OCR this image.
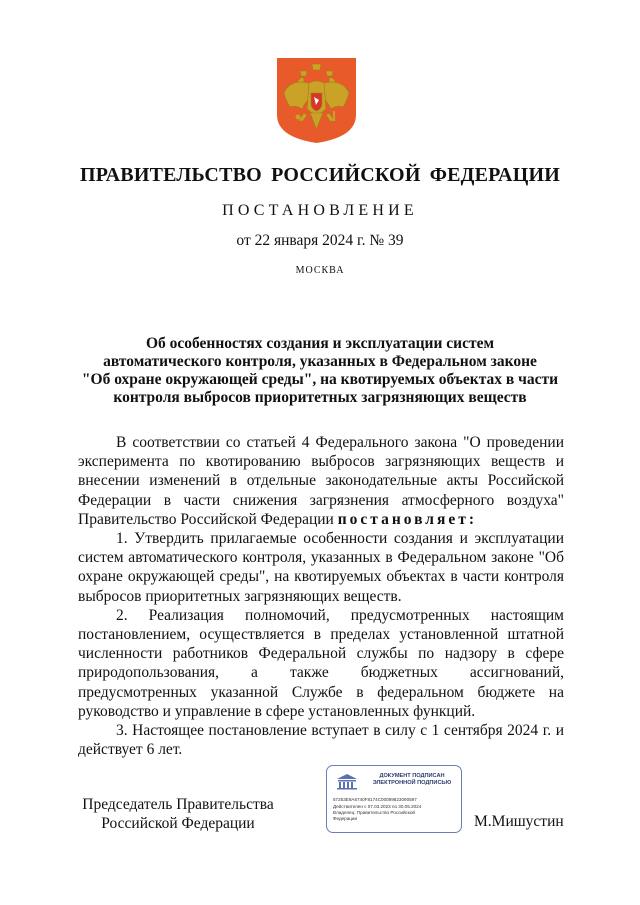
ПРАВИТЕЛЬСТВО РОССИЙСКОЙ ФЕДЕРАЦИИ
ПОСТАНОВЛЕНИЕ
от 22 января 2024 г. № 39
МОСКВА
Об особенностях создания и эксплуатации систем
автоматического контроля, указанных в Федеральном законе
"Об охране окружающей среды", на квотируемых объектах в части
контроля выбросов приоритетных загрязняющих веществ

В соответствии со статьей 4 Федерального закона "О проведении эксперимента по квотированию выбросов загрязняющих веществ и внесении изменений в отдельные законодательные акты Российской Федерации в части снижения загрязнения атмосферного воздуха" Правительство Российской Федерации постановляет:

1. Утвердить прилагаемые особенности создания и эксплуатации систем автоматического контроля, указанных в Федеральном законе "Об охране окружающей среды", на квотируемых объектах в части контроля выбросов приоритетных загрязняющих веществ.

2. Реализация полномочий, предусмотренных настоящим постановлением, осуществляется в пределах установленной штатной численности работников Федеральной службы по надзору в сфере природопользования, а также бюджетных ассигнований, предусмотренных указанной Службе в федеральном бюджете на руководство и управление в сфере установленных функций.

3. Настоящее постановление вступает в силу с 1 сентября 2024 г. и действует 6 лет.

Председатель Правительства
Российской Федерации
ДОКУМЕНТ ПОДПИСАН
ЭЛЕКТРОННОЙ ПОДПИСЬЮ
57253E9A6740F8174C00089823090597
Действителен с 07.03.2023 по 30.05.2024
Владелец: Правительство Российской
Федерации	М.Мишустин
